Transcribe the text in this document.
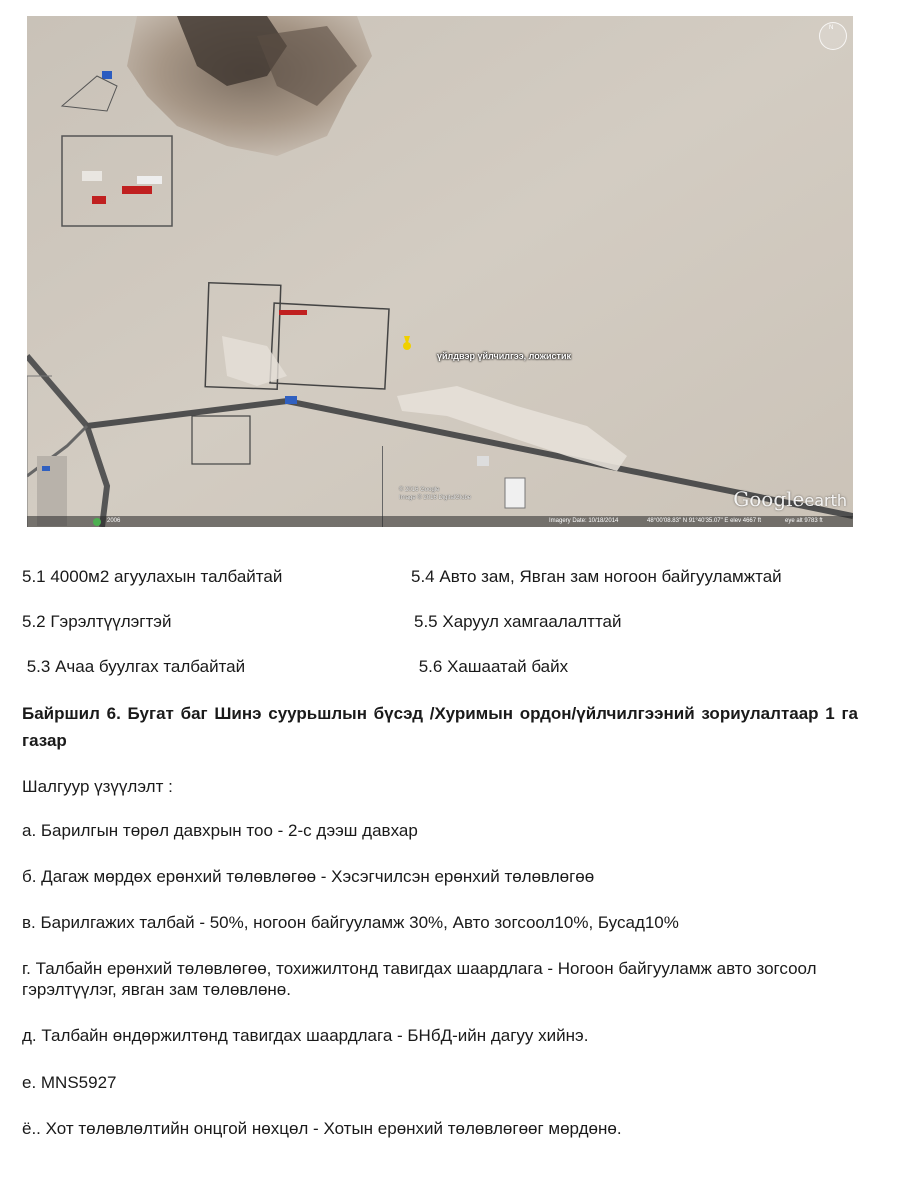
үйлдвэр үйлчилгээ, ложистик
N
© 2016 Google
Image © 2016 DigitalGlobe	Googleearth
2006	Imagery Date: 10/18/2014	48°00'08.83" N 91°40'35.07" E elev 4667 ft	eye alt 9783 ft
5.1 4000м2 агуулахын талбайтай	5.4 Авто зам, Явган зам ногоон байгууламжтай
5.2 Гэрэлтүүлэгтэй	5.5 Харуул хамгаалалттай
5.3 Ачаа буулгах талбайтай	5.6 Хашаатай байх
Байршил 6. Бугат баг Шинэ суурьшлын бүсэд /Хуримын ордон/үйлчилгээний зориулалтаар 1 га газар
Шалгуур үзүүлэлт :
а. Барилгын төрөл давхрын тоо - 2-с дээш давхар
б. Дагаж мөрдөх ерөнхий төлөвлөгөө - Хэсэгчилсэн ерөнхий төлөвлөгөө
в. Барилгажих талбай - 50%, ногоон байгууламж 30%, Авто зогсоол10%, Бусад10%
г. Талбайн ерөнхий төлөвлөгөө, тохижилтонд тавигдах шаардлага - Ногоон байгууламж авто зогсоол гэрэлтүүлэг, явган зам төлөвлөнө.
д. Талбайн өндөржилтөнд тавигдах шаардлага - БНбД-ийн дагуу хийнэ.
е. MNS5927
ё.. Хот төлөвлөлтийн онцгой нөхцөл - Хотын ерөнхий төлөвлөгөөг мөрдөнө.
